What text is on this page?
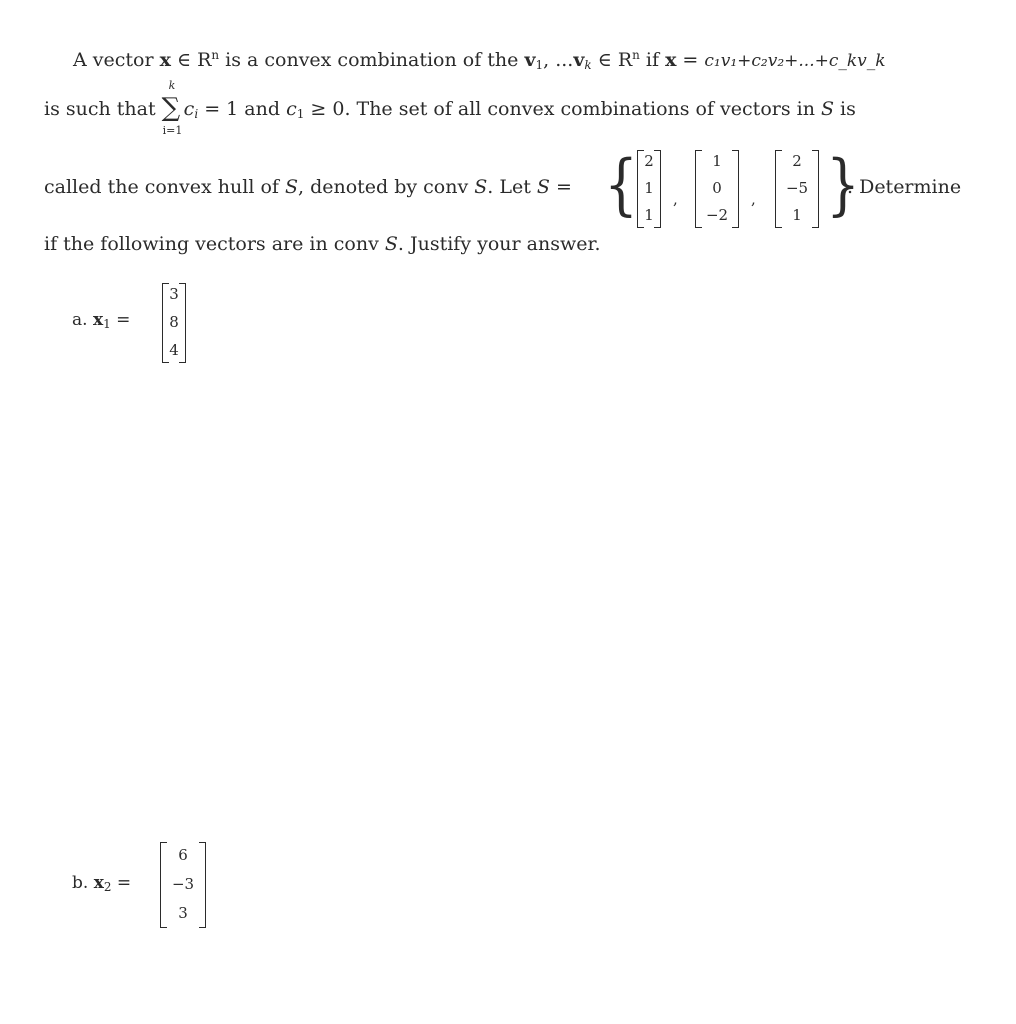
A vector x ∈ $R^n$ is a convex combination of the $v_1$, $...v_k$ ∈ $R^n$ if x = c₁v₁+c₂v₂+...+c_kv_k
is such that
k
∑
i=1
$c_i = 1$ and $c_1 \ge 0$. The set of all convex combinations of vectors in S is
called the convex hull of S, denoted by conv S. Let S = { 2
1
1
,
1
0
−2
,
2
−5
1 }
. Determine
if the following vectors are in conv S. Justify your answer.
a. $x_1$ =
3
8
4
b. $x_2$ =
6
−3
3
